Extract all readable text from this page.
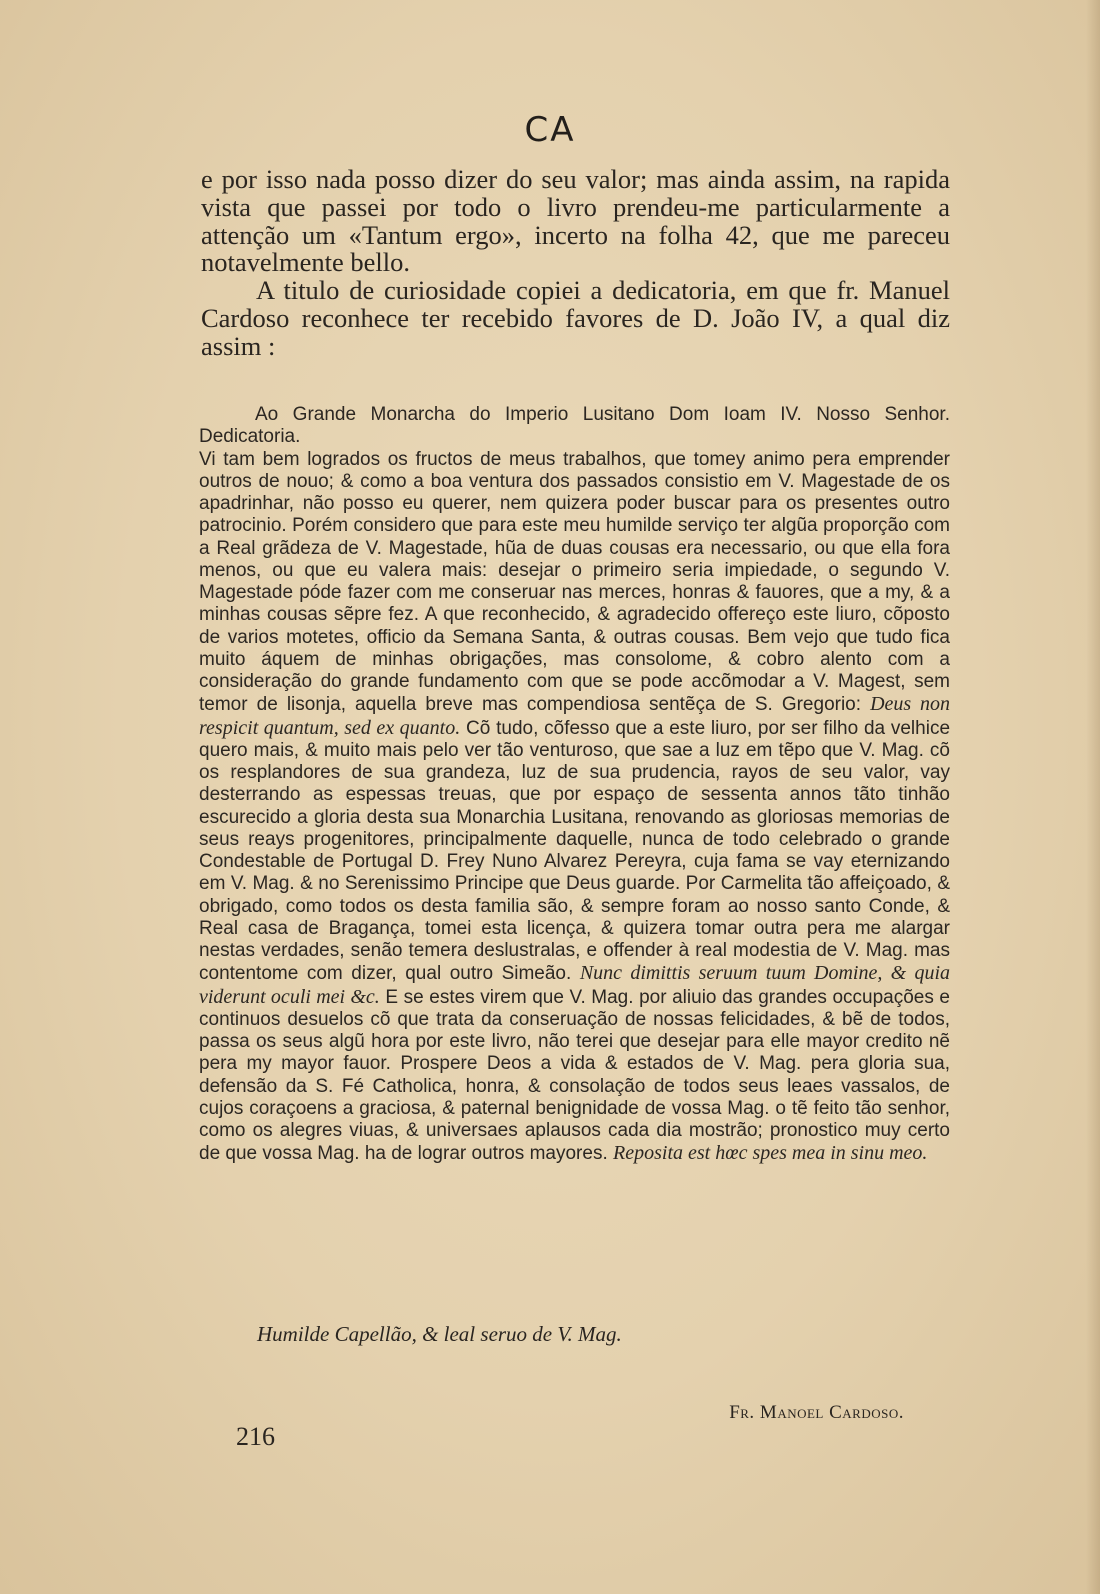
CA

e por isso nada posso dizer do seu valor; mas ainda assim, na rapida vista que passei por todo o livro prendeu-me particularmente a attenção um «Tantum ergo», incerto na folha 42, que me pareceu notavelmente bello.

A titulo de curiosidade copiei a dedicatoria, em que fr. Manuel Cardoso reconhece ter recebido favores de D. João IV, a qual diz assim :

Ao Grande Monarcha do Imperio Lusitano Dom Ioam IV. Nosso Senhor. Dedicatoria.

Vi tam bem logrados os fructos de meus trabalhos, que tomey animo pera emprender outros de nouo; & como a boa ventura dos passados consistio em V. Magestade de os apadrinhar, não posso eu querer, nem quizera poder buscar para os presentes outro patrocinio. Porém considero que para este meu humilde serviço ter algũa proporção com a Real grãdeza de V. Magestade, hũa de duas cousas era necessario, ou que ella fora menos, ou que eu valera mais: desejar o primeiro seria impiedade, o segundo V. Magestade póde fazer com me conseruar nas merces, honras & fauores, que a my, & a minhas cousas sẽpre fez. A que reconhecido, & agradecido offereço este liuro, cõposto de varios motetes, officio da Semana Santa, & outras cousas. Bem vejo que tudo fica muito áquem de minhas obrigações, mas consolome, & cobro alento com a consideração do grande fundamento com que se pode accõmodar a V. Magest, sem temor de lisonja, aquella breve mas compendiosa sentẽça de S. Gregorio: Deus non respicit quantum, sed ex quanto. Cõ tudo, cõfesso que a este liuro, por ser filho da velhice quero mais, & muito mais pelo ver tão venturoso, que sae a luz em tẽpo que V. Mag. cõ os resplandores de sua grandeza, luz de sua prudencia, rayos de seu valor, vay desterrando as espessas treuas, que por espaço de sessenta annos tãto tinhão escurecido a gloria desta sua Monarchia Lusitana, renovando as gloriosas memorias de seus reays progenitores, principalmente daquelle, nunca de todo celebrado o grande Condestable de Portugal D. Frey Nuno Alvarez Pereyra, cuja fama se vay eternizando em V. Mag. & no Serenissimo Principe que Deus guarde. Por Carmelita tão affeiçoado, & obrigado, como todos os desta familia são, & sempre foram ao nosso santo Conde, & Real casa de Bragança, tomei esta licença, & quizera tomar outra pera me alargar nestas verdades, senão temera deslustralas, e offender à real modestia de V. Mag. mas contentome com dizer, qual outro Simeão. Nunc dimittis seruum tuum Domine, & quia viderunt oculi mei &c. E se estes virem que V. Mag. por aliuio das grandes occupações e continuos desuelos cõ que trata da conseruação de nossas felicidades, & bẽ de todos, passa os seus algũ hora por este livro, não terei que desejar para elle mayor credito nẽ pera my mayor fauor. Prospere Deos a vida & estados de V. Mag. pera gloria sua, defensão da S. Fé Catholica, honra, & consolação de todos seus leaes vassalos, de cujos coraçoens a graciosa, & paternal benignidade de vossa Mag. o tẽ feito tão senhor, como os alegres viuas, & universaes aplausos cada dia mostrão; pronostico muy certo de que vossa Mag. ha de lograr outros mayores. Reposita est hœc spes mea in sinu meo.

Humilde Capellão, & leal seruo de V. Mag.
Fr. Manoel Cardoso.
216
